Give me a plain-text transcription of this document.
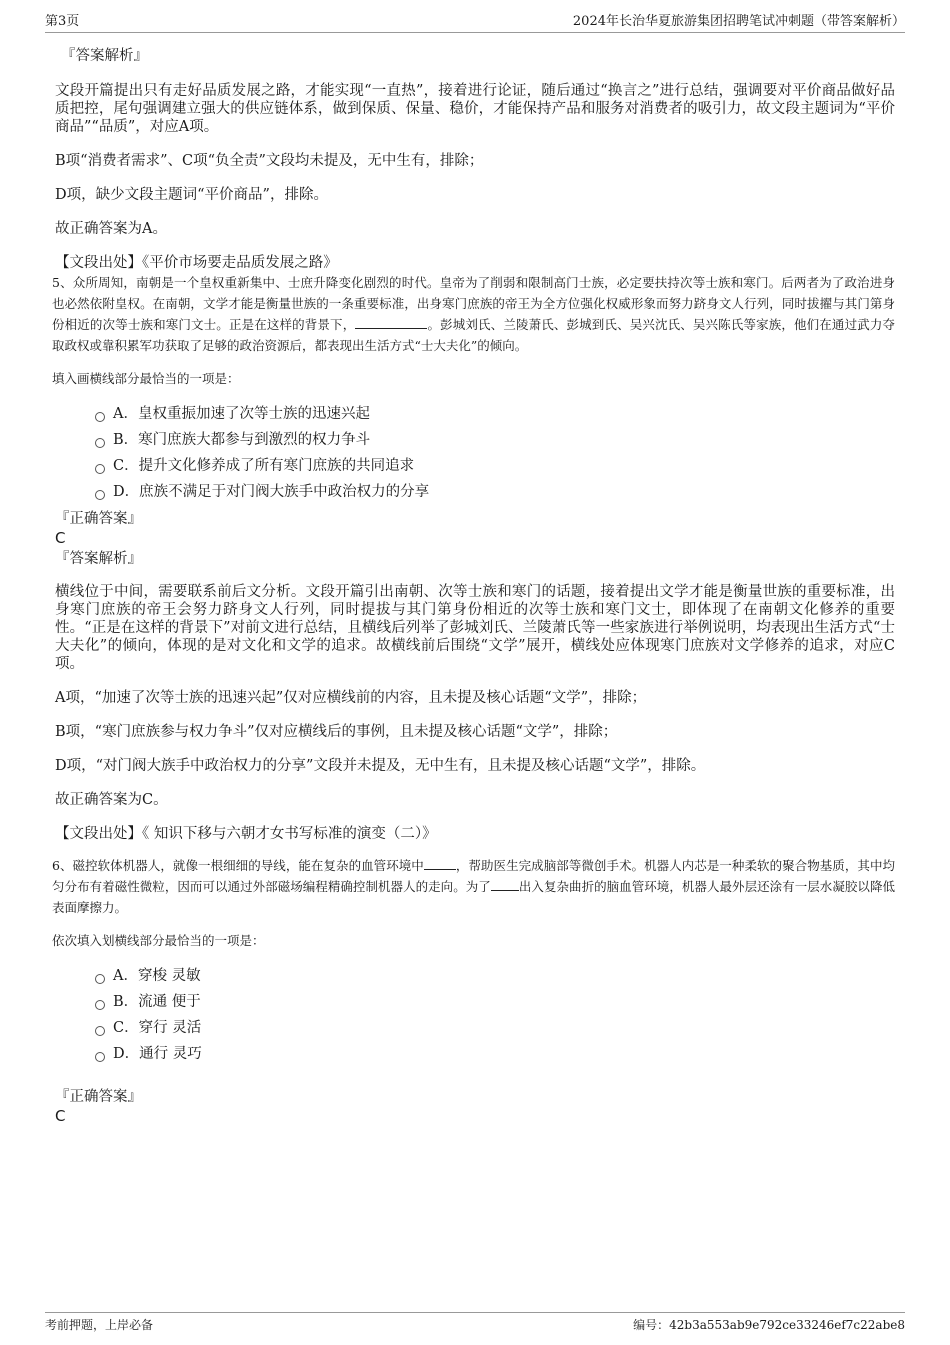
第3页	2024年长治华夏旅游集团招聘笔试冲刺题（带答案解析）

『答案解析』

文段开篇提出只有走好品质发展之路，才能实现“一直热”，接着进行论证，随后通过“换言之”进行总结，强调要对平价商品做好品质把控，尾句强调建立强大的供应链体系，做到保质、保量、稳价，才能保持产品和服务对消费者的吸引力，故文段主题词为“平价商品”“品质”，对应A项。

B项“消费者需求”、C项“负全责”文段均未提及，无中生有，排除；

D项，缺少文段主题词“平价商品”，排除。

故正确答案为A。

【文段出处】《平价市场要走品质发展之路》

5、众所周知，南朝是一个皇权重新集中、士庶升降变化剧烈的时代。皇帝为了削弱和限制高门士族，必定要扶持次等士族和寒门。后两者为了政治进身也必然依附皇权。在南朝，文学才能是衡量世族的一条重要标准，出身寒门庶族的帝王为全方位强化权威形象而努力跻身文人行列，同时拔擢与其门第身份相近的次等士族和寒门文士。正是在这样的背景下，	。彭城刘氏、兰陵萧氏、彭城到氏、吴兴沈氏、吴兴陈氏等家族，他们在通过武力夺取政权或靠积累军功获取了足够的政治资源后，都表现出生活方式“士大夫化”的倾向。

填入画横线部分最恰当的一项是：

A．皇权重振加速了次等士族的迅速兴起
B．寒门庶族大都参与到激烈的权力争斗
C．提升文化修养成了所有寒门庶族的共同追求
D．庶族不满足于对门阀大族手中政治权力的分享

『正确答案』

C

『答案解析』

横线位于中间，需要联系前后文分析。文段开篇引出南朝、次等士族和寒门的话题，接着提出文学才能是衡量世族的重要标准，出身寒门庶族的帝王会努力跻身文人行列，同时提拔与其门第身份相近的次等士族和寒门文士，即体现了在南朝文化修养的重要性。“正是在这样的背景下”对前文进行总结，且横线后列举了彭城刘氏、兰陵萧氏等一些家族进行举例说明，均表现出生活方式“士大夫化”的倾向，体现的是对文化和文学的追求。故横线前后围绕“文学”展开，横线处应体现寒门庶族对文学修养的追求，对应C项。

A项，“加速了次等士族的迅速兴起”仅对应横线前的内容，且未提及核心话题“文学”，排除；

B项，“寒门庶族参与权力争斗”仅对应横线后的事例，且未提及核心话题“文学”，排除；

D项，“对门阀大族手中政治权力的分享”文段并未提及，无中生有，且未提及核心话题“文学”，排除。

故正确答案为C。

【文段出处】《 知识下移与六朝才女书写标准的演变（二）》

6、磁控软体机器人，就像一根细细的导线，能在复杂的血管环境中	，帮助医生完成脑部等微创手术。机器人内芯是一种柔软的聚合物基质，其中均匀分布有着磁性微粒，因而可以通过外部磁场编程精确控制机器人的走向。为了 出入复杂曲折的脑血管环境，机器人最外层还涂有一层水凝胶以降低表面摩擦力。

依次填入划横线部分最恰当的一项是：

A．穿梭 灵敏
B．流通 便于
C．穿行 灵活
D．通行 灵巧

『正确答案』

C

考前押题，上岸必备	编号：42b3a553ab9e792ce33246ef7c22abe8
